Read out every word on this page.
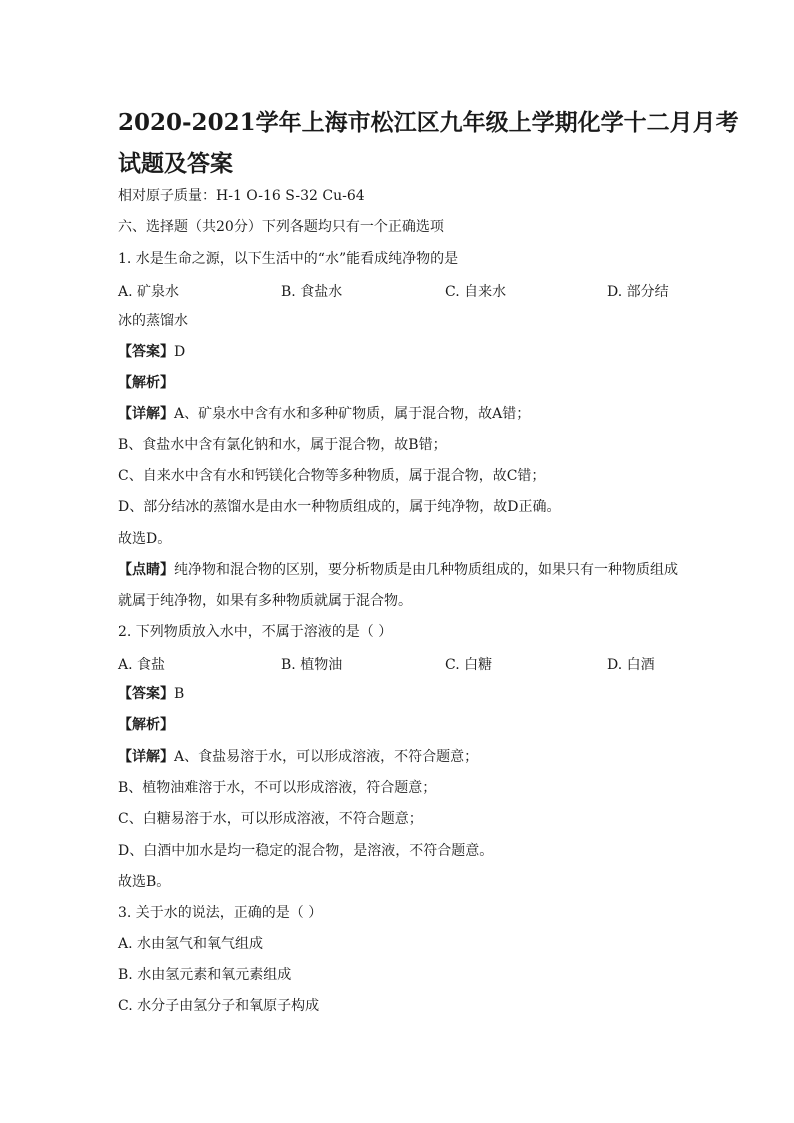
2020-2021学年上海市松江区九年级上学期化学十二月月考
试题及答案
相对原子质量：H-1 O-16 S-32 Cu-64
六、选择题（共20分）下列各题均只有一个正确选项
1. 水是生命之源，以下生活中的“水”能看成纯净物的是
A. 矿泉水	B. 食盐水	C. 自来水	D. 部分结
冰的蒸馏水
【答案】D
【解析】
【详解】A、矿泉水中含有水和多种矿物质，属于混合物，故A错；
B、食盐水中含有氯化钠和水，属于混合物，故B错；
C、自来水中含有水和钙镁化合物等多种物质，属于混合物，故C错；
D、部分结冰的蒸馏水是由水一种物质组成的，属于纯净物，故D正确。
故选D。
【点睛】纯净物和混合物的区别，要分析物质是由几种物质组成的，如果只有一种物质组成
就属于纯净物，如果有多种物质就属于混合物。
2. 下列物质放入水中，不属于溶液的是（ ）
A. 食盐	B. 植物油	C. 白糖	D. 白酒
【答案】B
【解析】
【详解】A、食盐易溶于水，可以形成溶液，不符合题意；
B、植物油难溶于水，不可以形成溶液，符合题意；
C、白糖易溶于水，可以形成溶液，不符合题意；
D、白酒中加水是均一稳定的混合物，是溶液，不符合题意。
故选B。
3. 关于水的说法，正确的是（ ）
A. 水由氢气和氧气组成
B. 水由氢元素和氧元素组成
C. 水分子由氢分子和氧原子构成
